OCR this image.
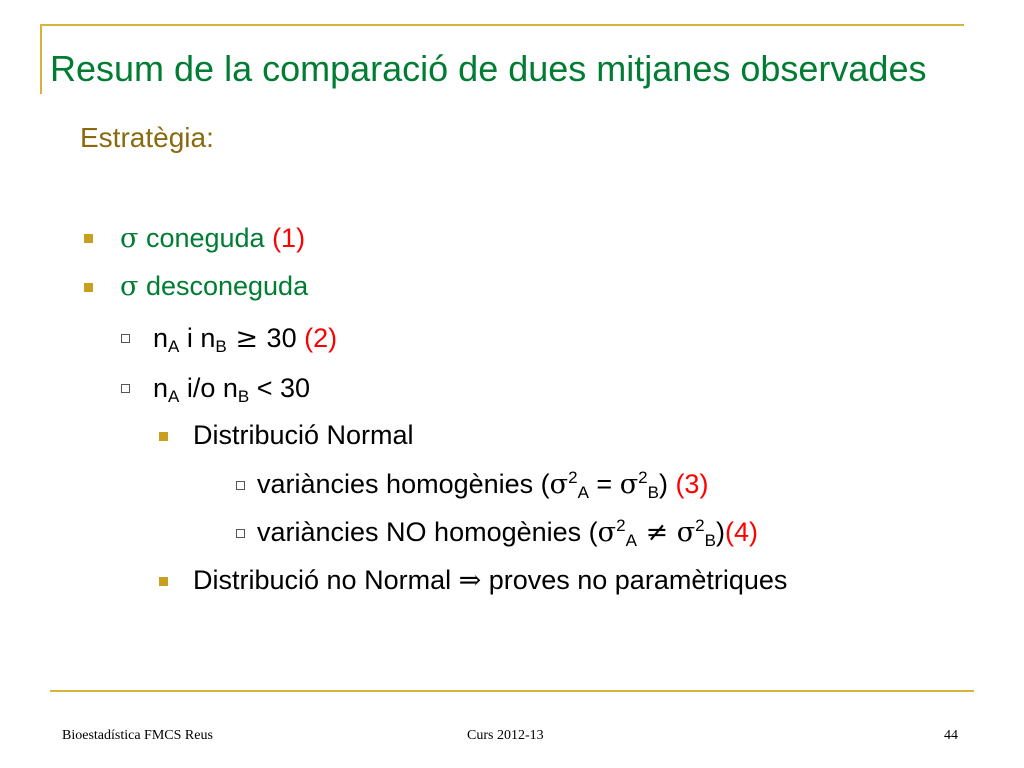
Resum de la comparació de dues mitjanes observades
Estratègia:
σ coneguda (1)
σ desconeguda
$n_A$ i $n_B \ge 30$ (2)
$n_A$ i/o $n_B < 30$
Distribució Normal
variàncies homogènies $(\sigma^2_A = \sigma^2_B)$ (3)
variàncies NO homogènies $(\sigma^2_A \ne \sigma^2_B)(4)$
Distribució no Normal ⇒ proves no paramètriques
Bioestadística FMCS Reus	Curs 2012-13	44
